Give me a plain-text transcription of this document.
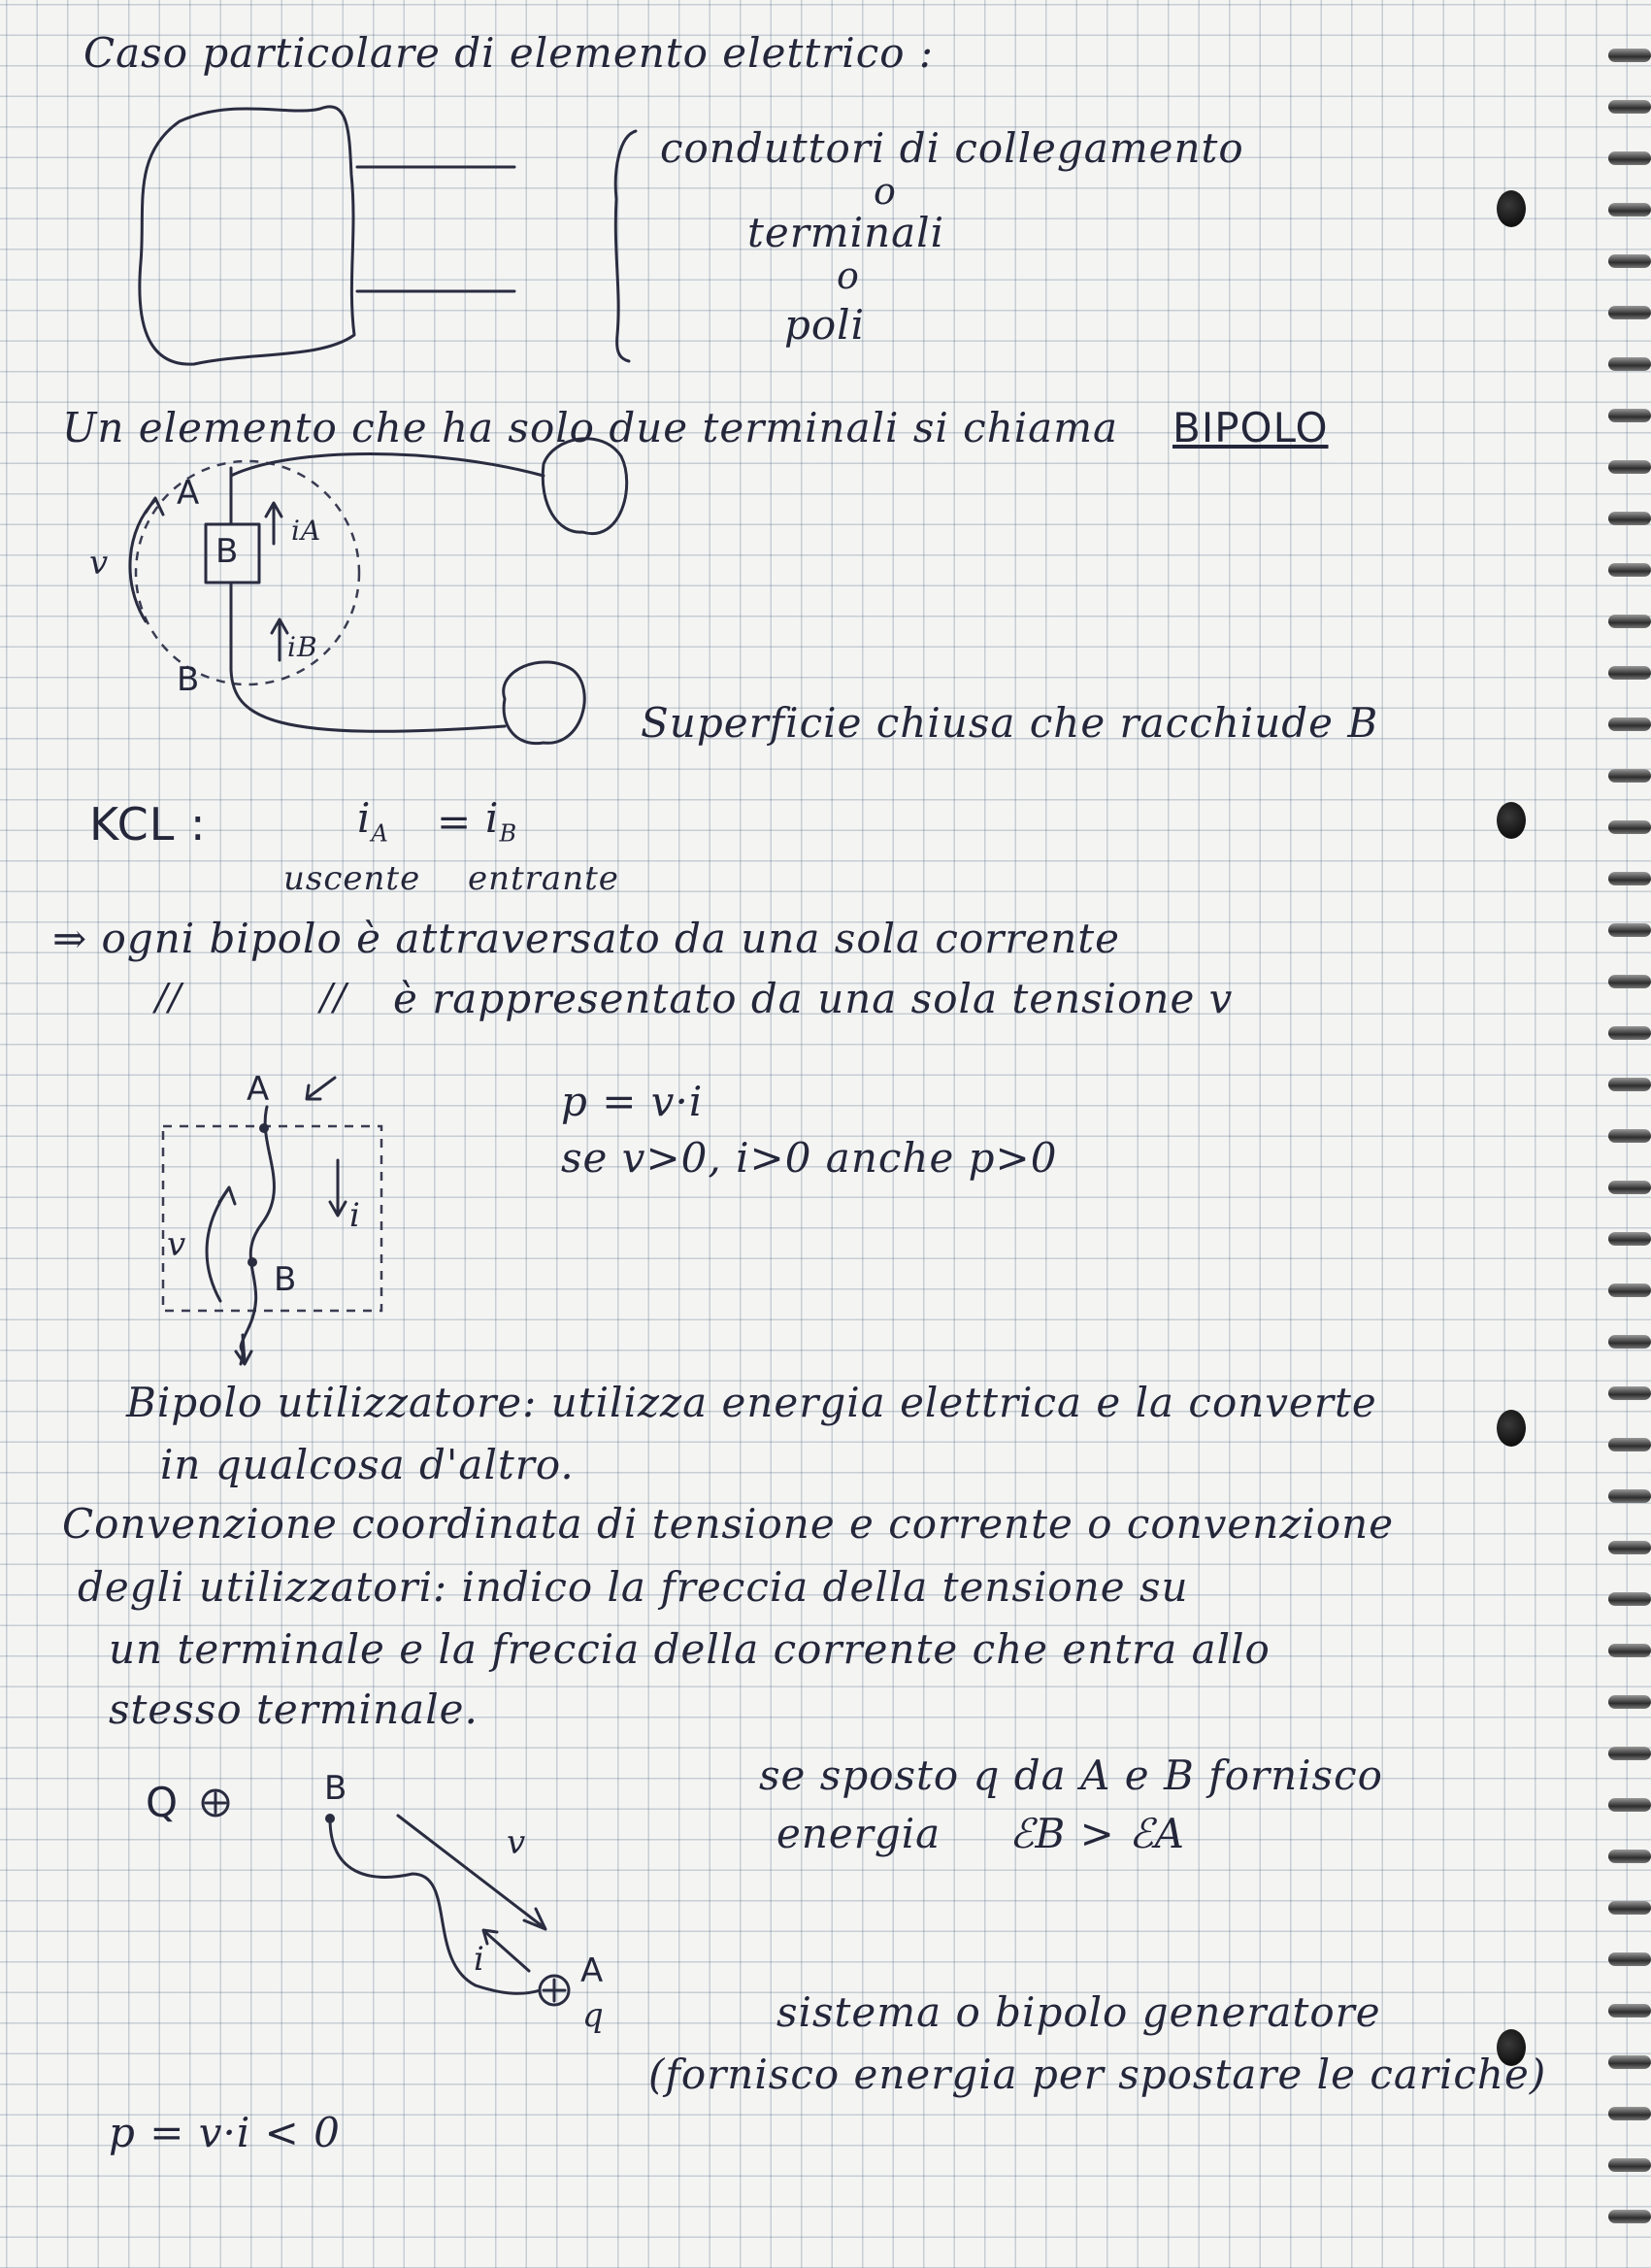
Caso particolare di elemento elettrico :
conduttori di collegamento
o
terminali
o
poli
Un elemento che ha solo due terminali si chiama BIPOLO
A
B
v
iA
iB
B
Superficie chiusa che racchiude B
KCL :	$i_A = i_B$
uscente entrante
⇒ ogni bipolo è attraversato da una sola corrente
//	// è rappresentato da una sola tensione v
A
v
i
B
p = v·i
se v>0, i>0 anche p>0
Bipolo utilizzatore: utilizza energia elettrica e la converte
in qualcosa d'altro.
Convenzione coordinata di tensione e corrente o convenzione
degli utilizzatori: indico la freccia della tensione su
un terminale e la freccia della corrente che entra allo
stesso terminale.
Q	B
v
i	A
q
se sposto q da A e B fornisco
energia ℰB > ℰA
sistema o bipolo generatore
(fornisco energia per spostare le cariche)
p = v·i < 0
